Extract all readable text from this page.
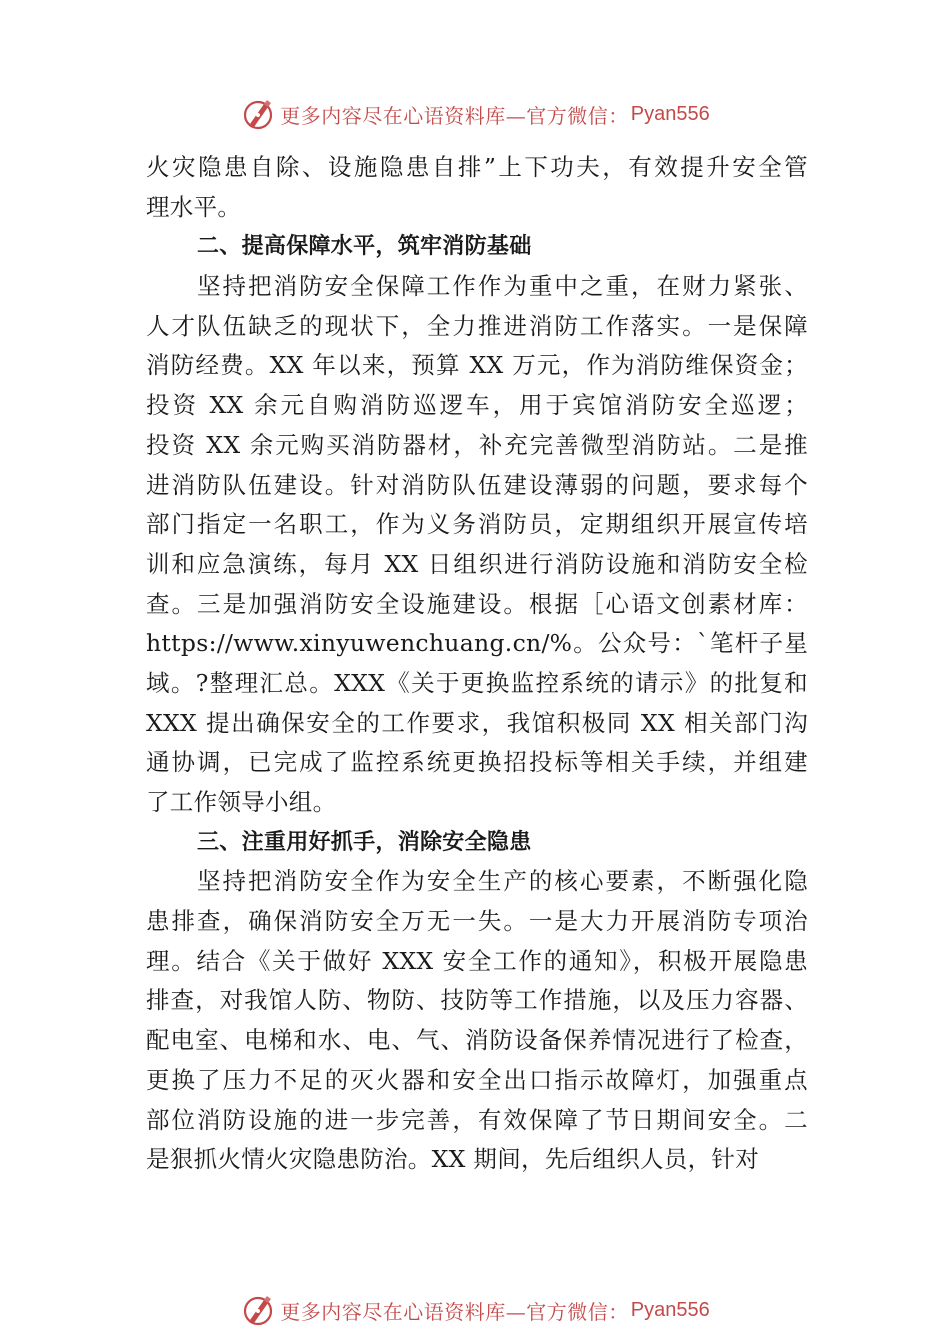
更多内容尽在心语资料库—官方微信： Pyan556
火灾隐患自除、设施隐患自排”上下功夫，有效提升安全管
理水平。
二、提高保障水平，筑牢消防基础
坚持把消防安全保障工作作为重中之重，在财力紧张、
人才队伍缺乏的现状下，全力推进消防工作落实。一是保障
消防经费。XX 年以来，预算 XX 万元，作为消防维保资金；
投资 XX 余元自购消防巡逻车，用于宾馆消防安全巡逻；
投资 XX 余元购买消防器材，补充完善微型消防站。二是推
进消防队伍建设。针对消防队伍建设薄弱的问题，要求每个
部门指定一名职工，作为义务消防员，定期组织开展宣传培
训和应急演练，每月 XX 日组织进行消防设施和消防安全检
查。三是加强消防安全设施建设。根据［心语文创素材库：
https://www.xinyuwenchuang.cn/%。公众号：`笔杆子星
域。?整理汇总。XXX《关于更换监控系统的请示》的批复和
XXX 提出确保安全的工作要求，我馆积极同 XX 相关部门沟
通协调，已完成了监控系统更换招投标等相关手续，并组建
了工作领导小组。
三、注重用好抓手，消除安全隐患
坚持把消防安全作为安全生产的核心要素，不断强化隐
患排查，确保消防安全万无一失。一是大力开展消防专项治
理。结合《关于做好 XXX 安全工作的通知》，积极开展隐患
排查，对我馆人防、物防、技防等工作措施，以及压力容器、
配电室、电梯和水、电、气、消防设备保养情况进行了检查，
更换了压力不足的灭火器和安全出口指示故障灯，加强重点
部位消防设施的进一步完善，有效保障了节日期间安全。二
是狠抓火情火灾隐患防治。XX 期间，先后组织人员，针对
更多内容尽在心语资料库—官方微信： Pyan556
